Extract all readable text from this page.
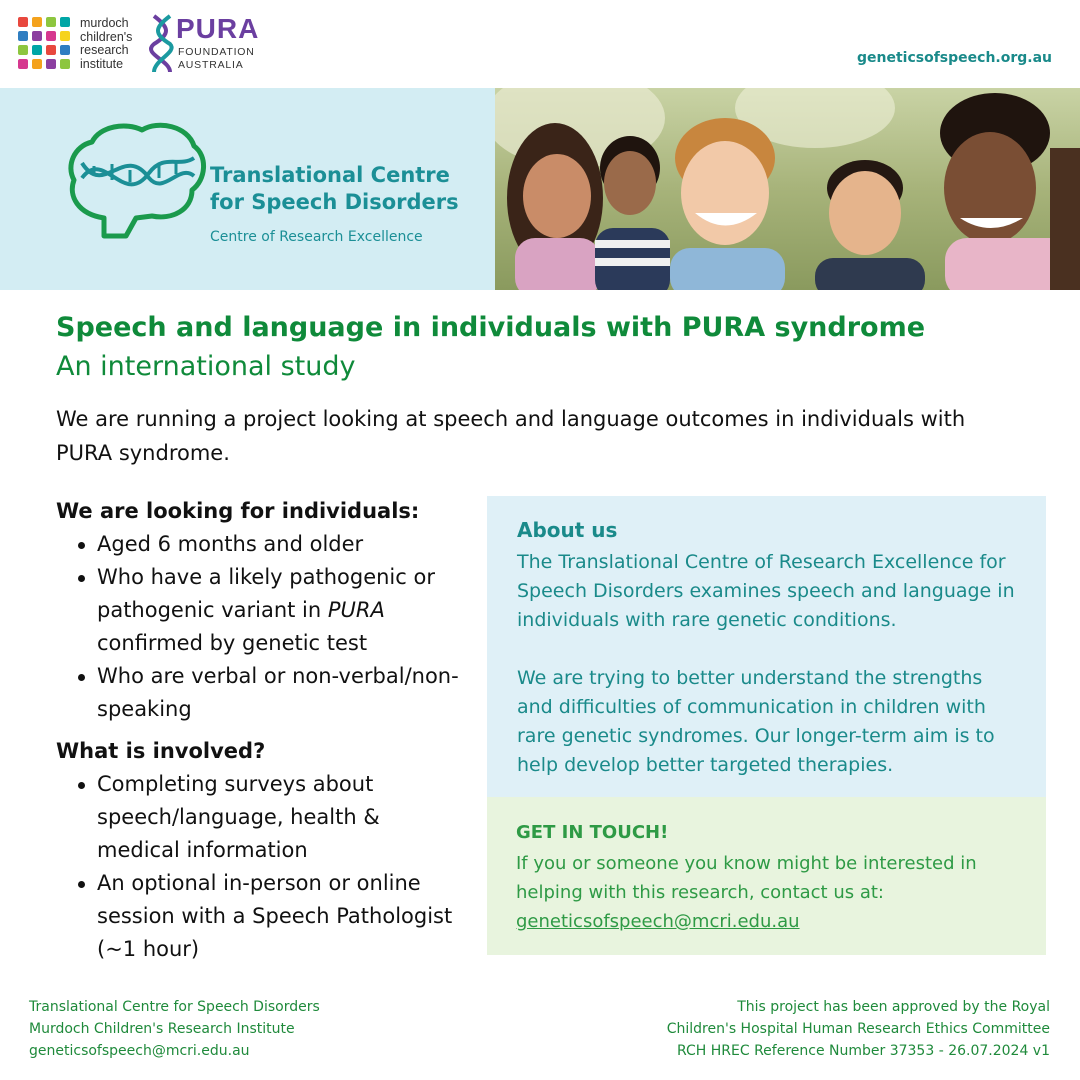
murdoch
children's
research
institute
PURA
FOUNDATION
AUSTRALIA	geneticsofspeech.org.au
Translational Centre
for Speech Disorders
Centre of Research Excellence
Speech and language in individuals with PURA syndrome
An international study

We are running a project looking at speech and language outcomes in individuals with PURA syndrome.

We are looking for individuals:
Aged 6 months and older
Who have a likely pathogenic or pathogenic variant in PURA confirmed by genetic test
Who are verbal or non-verbal/non-speaking
What is involved?
Completing surveys about speech/language, health & medical information
An optional in-person or online session with a Speech Pathologist (~1 hour)
About us

The Translational Centre of Research Excellence for Speech Disorders examines speech and language in individuals with rare genetic conditions.

We are trying to better understand the strengths and difficulties of communication in children with rare genetic syndromes. Our longer-term aim is to help develop better targeted therapies.

GET IN TOUCH!

If you or someone you know might be interested in helping with this research, contact us at:

geneticsofspeech@mcri.edu.au
Translational Centre for Speech Disorders
Murdoch Children's Research Institute
geneticsofspeech@mcri.edu.au
This project has been approved by the Royal
Children's Hospital Human Research Ethics Committee
RCH HREC Reference Number 37353 - 26.07.2024 v1
